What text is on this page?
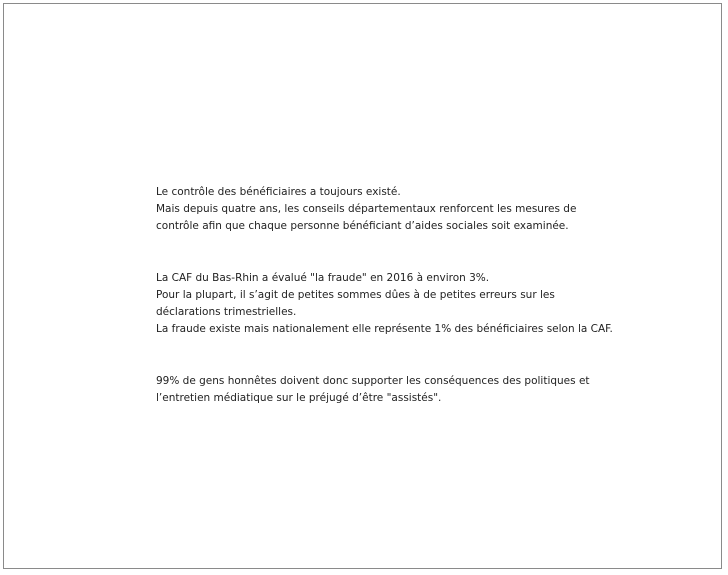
Le contrôle des bénéficiaires a toujours existé.

Mais depuis quatre ans, les conseils départementaux renforcent les mesures de

contrôle afin que chaque personne bénéficiant d’aides sociales soit examinée.

La CAF du Bas-Rhin a évalué "la fraude" en 2016 à environ 3%.

Pour la plupart, il s’agit de petites sommes dûes à de petites erreurs sur les

déclarations trimestrielles.

La fraude existe mais nationalement elle représente 1% des bénéficiaires selon la CAF.

99% de gens honnêtes doivent donc supporter les conséquences des politiques et

l’entretien médiatique sur le préjugé d’être "assistés".
